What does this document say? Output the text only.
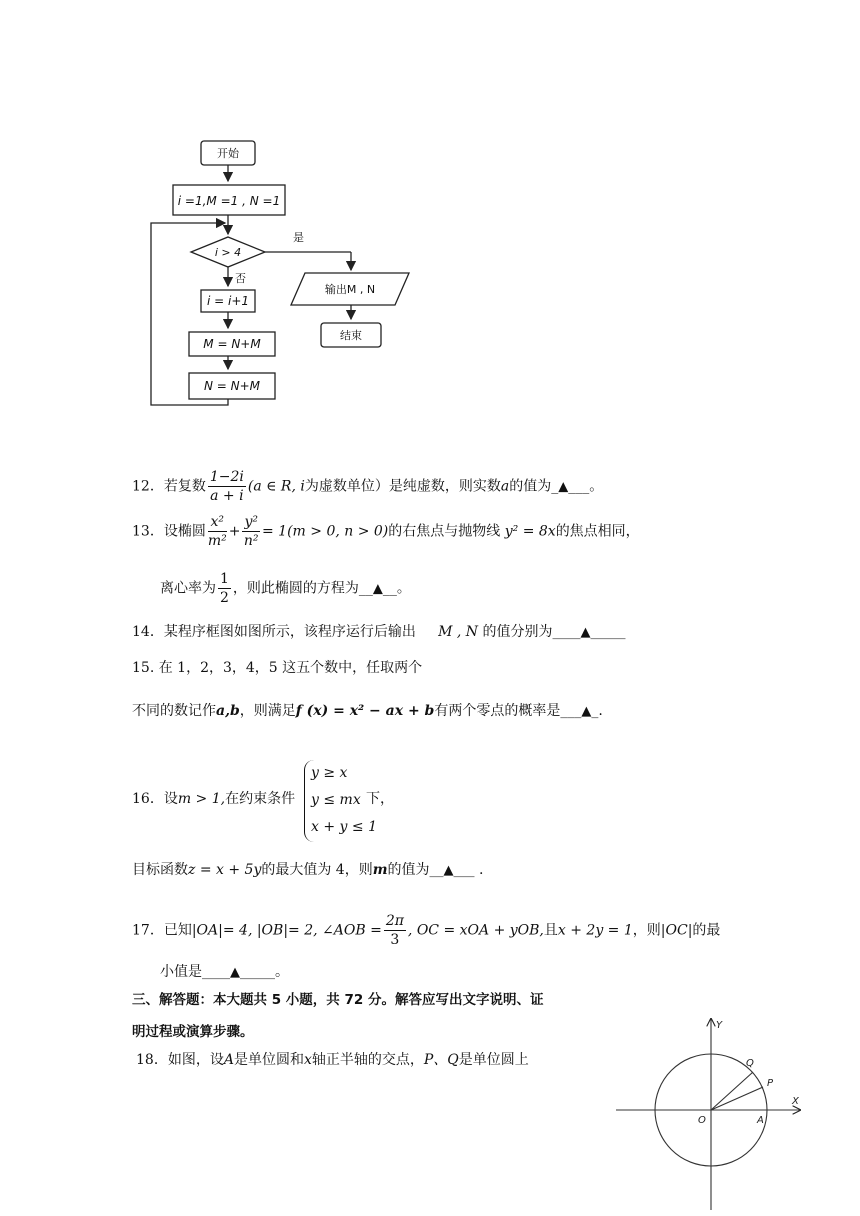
开始
i =1,M =1 , N =1
i > 4
是
否
i = i+1
M = N+M
N = N+M
输出M , N
结束
12．若复数 $\frac{1-2i}{a + i} (a$ ∈ R, i为虚数单位）是纯虚数，则实数a的值为_▲___。
13．设椭圆 $\frac{\text{x²}}{\text{m²}} + \frac{\text{y²}}{\text{n²}} = 1(m > 0$, n > 0)的右焦点与抛物线 y² = 8x的焦点相同，
离心率为 $\frac{1}{2}$ ，则此椭圆的方程为__▲__。
14．某程序框图如图所示，该程序运行后输出 M , N 的值分别为____▲_____
15. 在 1，2，3，4，5 这五个数中，任取两个
不同的数记作a,b，则满足f (x) = x² − ax + b有两个零点的概率是___▲_.
16．设m > 1,在约束条件
y ≥ x
y ≤ mx
x + y ≤ 1
下，
目标函数z = x + 5y的最大值为 4，则m的值为__▲___ .
17．已知|OA|= 4, |OB|= 2, ∠AOB = $\frac{2\pi}{3}$ , OC = xOA + yOB,且x + 2y = 1，则|OC|的最
小值是____▲_____。
三、解答题：本大题共 5 小题，共 72 分。解答应写出文字说明、证
明过程或演算步骤。
18．如图，设A是单位圆和x轴正半轴的交点，P、Q是单位圆上
Y
X
O	A
P
Q
